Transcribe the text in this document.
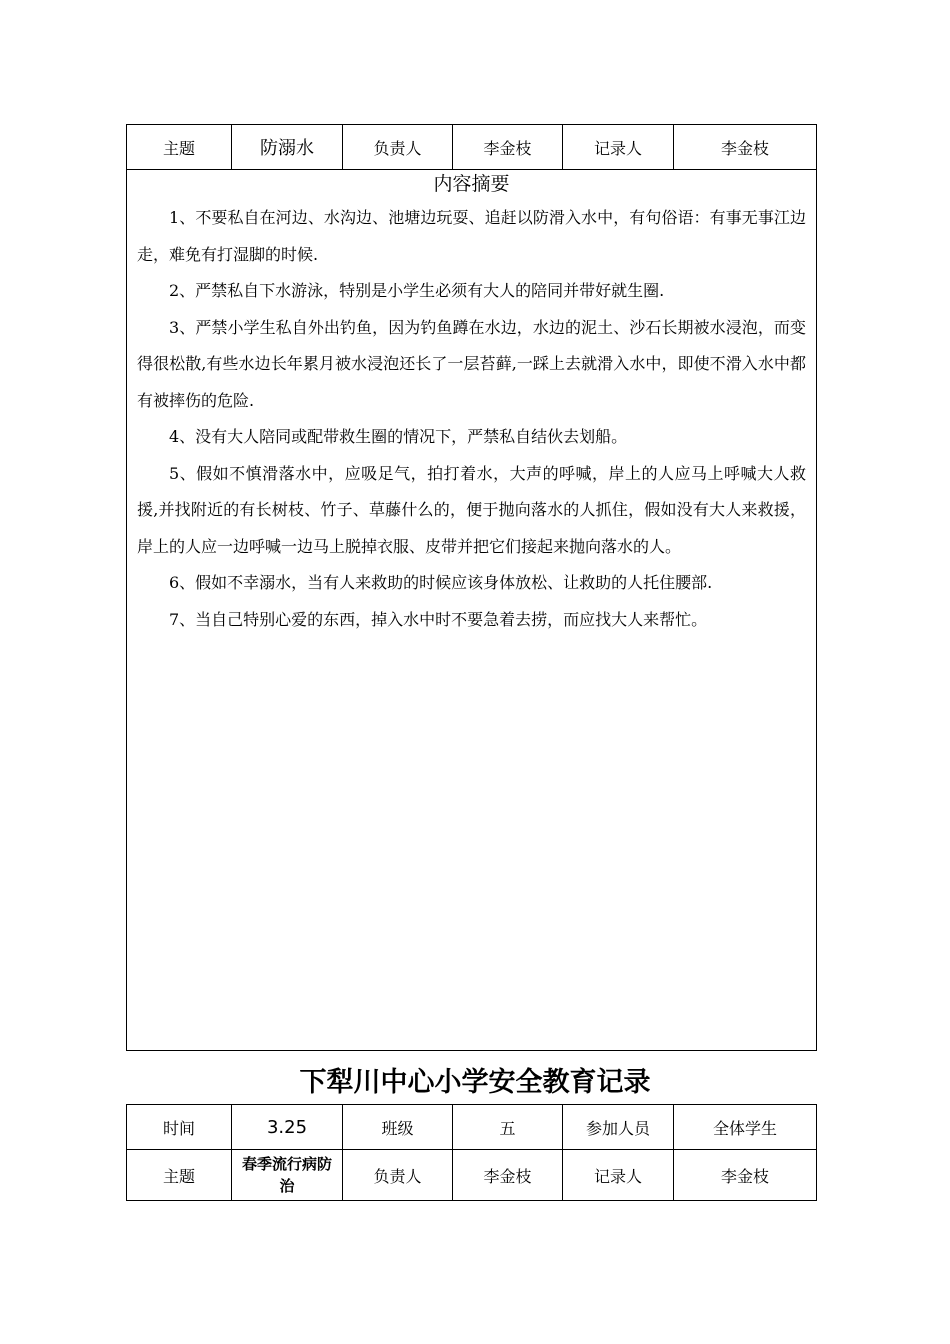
主题	防溺水	负责人	李金枝	记录人	李金枝

内容摘要

1、不要私自在河边、水沟边、池塘边玩耍、追赶以防滑入水中，有句俗语：有事无事江边走，难免有打湿脚的时候.

2、严禁私自下水游泳，特别是小学生必须有大人的陪同并带好就生圈.

3、严禁小学生私自外出钓鱼，因为钓鱼蹲在水边，水边的泥土、沙石长期被水浸泡，而变得很松散,有些水边长年累月被水浸泡还长了一层苔藓,一踩上去就滑入水中，即使不滑入水中都有被摔伤的危险.

4、没有大人陪同或配带救生圈的情况下，严禁私自结伙去划船。

5、假如不慎滑落水中，应吸足气，拍打着水，大声的呼喊，岸上的人应马上呼喊大人救援,并找附近的有长树枝、竹子、草藤什么的，便于抛向落水的人抓住，假如没有大人来救援，岸上的人应一边呼喊一边马上脱掉衣服、皮带并把它们接起来抛向落水的人。

6、假如不幸溺水，当有人来救助的时候应该身体放松、让救助的人托住腰部.

7、当自己特别心爱的东西，掉入水中时不要急着去捞，而应找大人来帮忙。

下犁川中心小学安全教育记录
时间	3.25	班级	五	参加人员	全体学生
主题	春季流行病防治	负责人	李金枝	记录人	李金枝
